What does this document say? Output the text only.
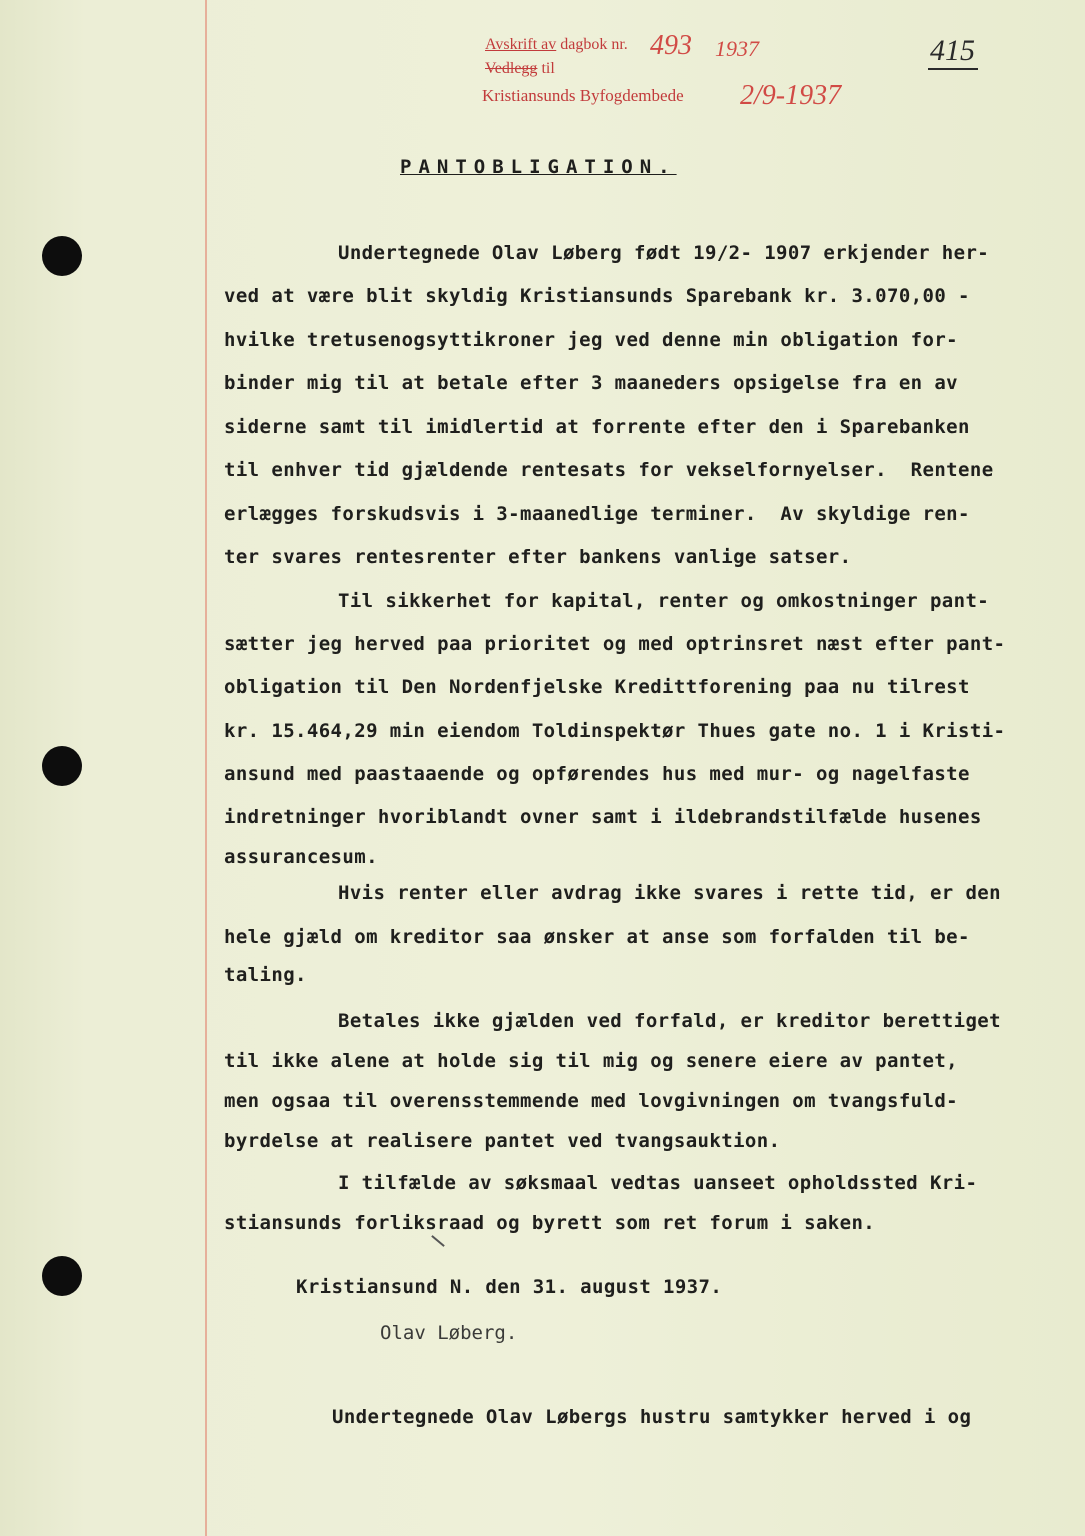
Avskrift av dagbok nr.
Vedlegg til
Kristiansunds Byfogdembede
493 1937
2/9-1937
415
PANTOBLIGATION.
Undertegnede Olav Løberg født 19/2- 1907 erkjender her-
ved at være blit skyldig Kristiansunds Sparebank kr. 3.070,00 -
hvilke tretusenogsyttikroner jeg ved denne min obligation for-
binder mig til at betale efter 3 maaneders opsigelse fra en av
siderne samt til imidlertid at forrente efter den i Sparebanken
til enhver tid gjældende rentesats for vekselfornyelser.  Rentene
erlægges forskudsvis i 3-maanedlige terminer.  Av skyldige ren-
ter svares rentesrenter efter bankens vanlige satser.
Til sikkerhet for kapital, renter og omkostninger pant-
sætter jeg herved paa prioritet og med optrinsret næst efter pant-
obligation til Den Nordenfjelske Kredittforening paa nu tilrest
kr. 15.464,29 min eiendom Toldinspektør Thues gate no. 1 i Kristi-
ansund med paastaaende og opførendes hus med mur- og nagelfaste
indretninger hvoriblandt ovner samt i ildebrandstilfælde husenes
assurancesum.
Hvis renter eller avdrag ikke svares i rette tid, er den
hele gjæld om kreditor saa ønsker at anse som forfalden til be-
taling.
Betales ikke gjælden ved forfald, er kreditor berettiget
til ikke alene at holde sig til mig og senere eiere av pantet,
men ogsaa til overensstemmende med lovgivningen om tvangsfuld-
byrdelse at realisere pantet ved tvangsauktion.
I tilfælde av søksmaal vedtas uanseet opholdssted Kri-
stiansunds forliksraad og byrett som ret forum i saken.
Kristiansund N. den 31. august 1937.
Olav Løberg.
Undertegnede Olav Løbergs hustru samtykker herved i og
